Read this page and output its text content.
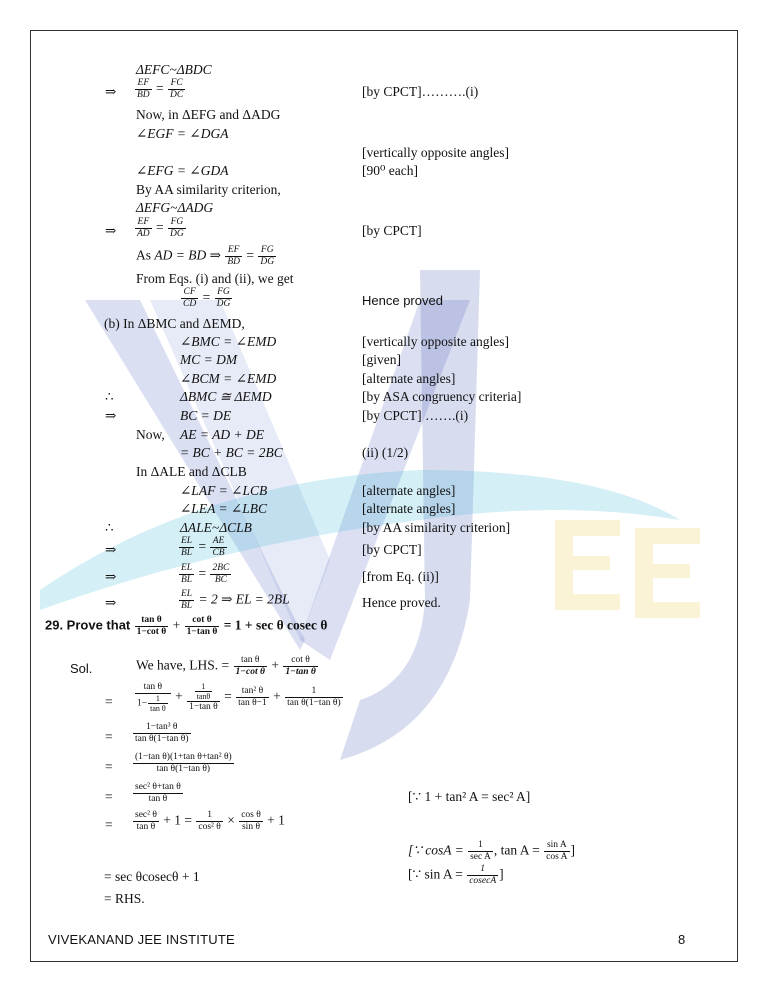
ΔEFC~ΔBDC
⇒ $\frac{EF}{BD} = \frac{FC}{DC}$	[by CPCT]……….(i)
Now, in ΔEFG and ΔADG
∠EGF = ∠DGA
[vertically opposite angles]
∠EFG = ∠GDA	[90⁰ each]
By AA similarity criterion,
ΔEFG~ΔADG
⇒ $\frac{EF}{AD} = \frac{FG}{DG}$	[by CPCT]
As AD = BD ⇒ $\frac{EF}{BD} = \frac{FG}{DG}$
From Eqs. (i) and (ii), we get
$\frac{CF}{CD} = \frac{FG}{DG}$	Hence proved
(b) In ΔBMC and ΔEMD,
∠BMC = ∠EMD	[vertically opposite angles]
MC = DM	[given]
∠BCM = ∠EMD	[alternate angles]
∴	ΔBMC ≅ ΔEMD	[by ASA congruency criteria]
⇒	BC = DE	[by CPCT] …….(i)
Now, AE = AD + DE
= BC + BC = 2BC	(ii) (1/2)
In ΔALE and ΔCLB
∠LAF = ∠LCB	[alternate angles]
∠LEA = ∠LBC	[alternate angles]
∴	ΔALE~ΔCLB	[by AA similarity criterion]
⇒	$\frac{EL}{BL} = \frac{AE}{CB}$	[by CPCT]
⇒	$\frac{EL}{BL} = \frac{2BC}{BC}$	[from Eq. (ii)]
⇒	$\frac{EL}{BL} = 2$ ⇒ EL = 2BL	Hence proved.
29. Prove that $\frac{\text{tan θ}}{\text{1−cot θ}} + \frac{\text{cot θ}}{\text{1−tan θ}} = 1 + \sec \theta$ cosec θ
Sol.	We have, LHS. = $\frac{\text{tan θ}}{\text{1−cot θ}} + \frac{\text{cot θ}}{\text{1−tan θ}}$
= $\frac{\text{tan θ}}{1- \frac{1}{\text{tan θ}}} + \frac{\frac{1}{\tan\theta}}{\text{1−tan θ}} = \frac{\text{tan² θ}}{\text{tan θ−1}} + \frac{1}{\text{tan θ(1−tan θ)}}$
= $\frac{\text{1−tan³ θ}}{\text{tan θ(1−tan θ)}}$
= $\frac{\text{(1−tan θ)(1+tan θ+tan² θ)}}{\text{tan θ(1−tan θ)}}$
=
sec² θ+tan θ
tan θ	[∵ 1 + tan² A = sec² A]
=
sec² θ
$\tan \theta + 1 = \frac{1}{\text{cos² θ}} \times \frac{\text{cos θ}}{\text{sin θ}} + 1$
[∵ cosA =	1
sec A , $\tan A = \frac{\text{sin A}}{\text{cos A}}$ ]
= sec θcosecθ + 1	[∵ sin A =	1
cosecA ]
= RHS.
VIVEKANAND JEE INSTITUTE	8
